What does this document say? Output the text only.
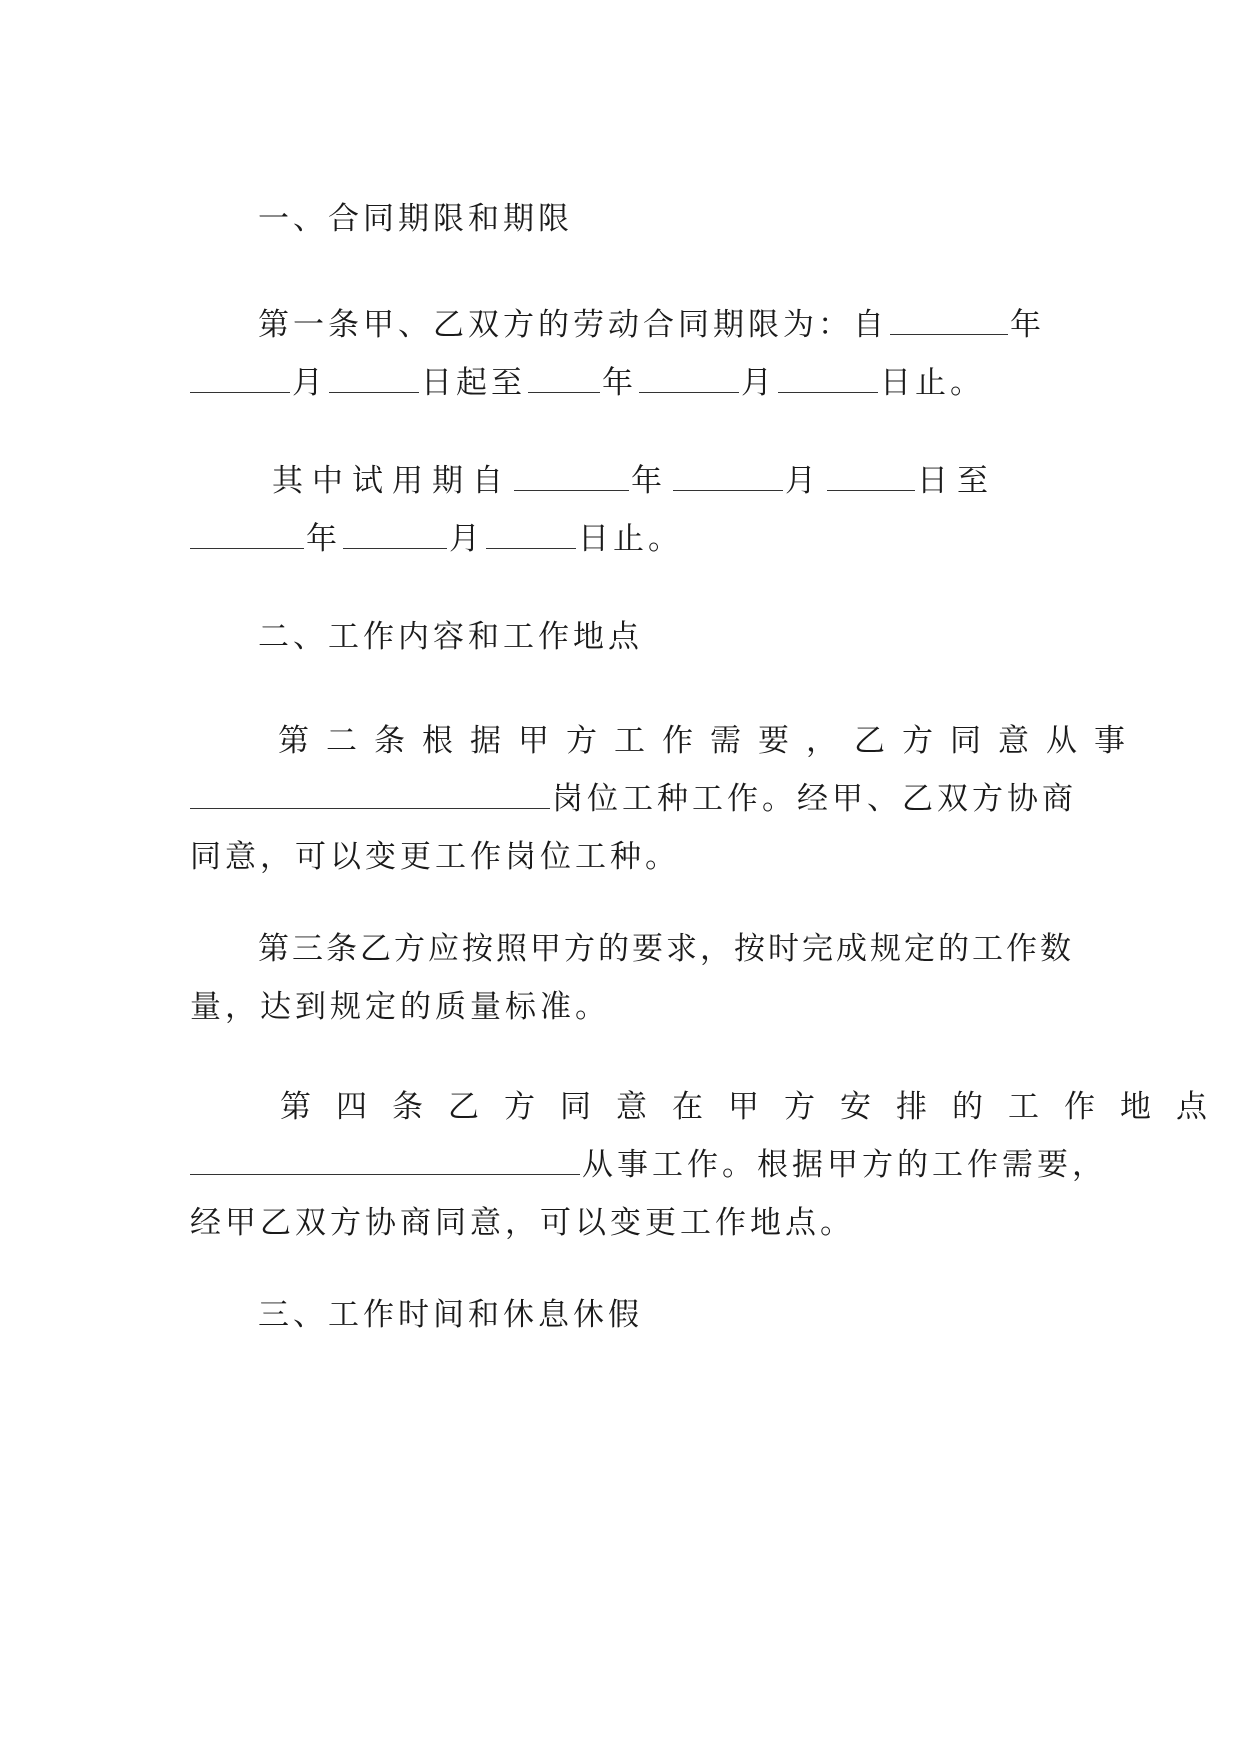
一、合同期限和期限
第一条甲、乙双方的劳动合同期限为：自	年
月	日起至 年	月	日止。
其中试用期自	年	月	日至
年	月	日止。
二、工作内容和工作地点
第二条根据甲方工作需要，乙方同意从事
岗位工种工作。经甲、乙双方协商
同意，可以变更工作岗位工种。
第三条乙方应按照甲方的要求，按时完成规定的工作数
量，达到规定的质量标准。
第四条乙方同意在甲方安排的工作地点
从事工作。根据甲方的工作需要，
经甲乙双方协商同意，可以变更工作地点。
三、工作时间和休息休假
